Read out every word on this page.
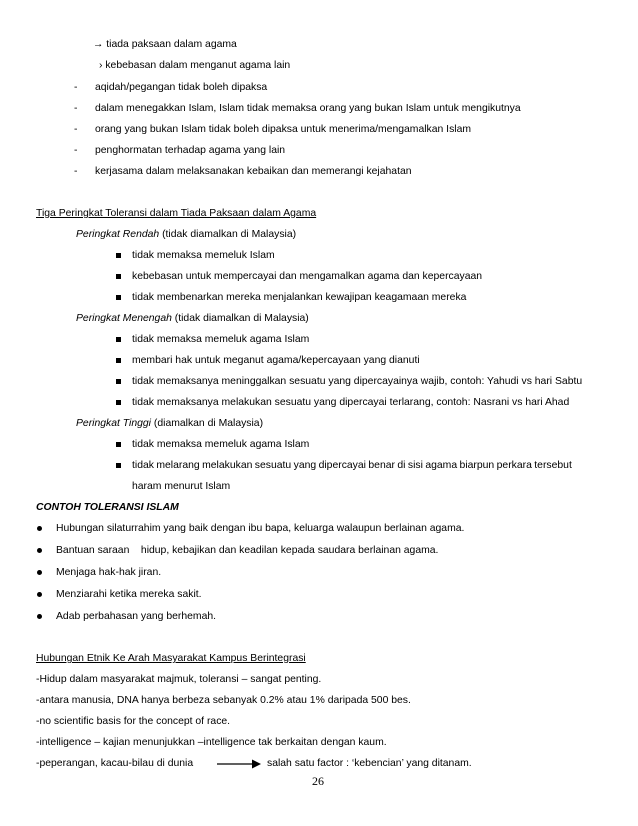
→ tiada paksaan dalam agama
› kebebasan dalam menganut agama lain
- aqidah/pegangan tidak boleh dipaksa
- dalam menegakkan Islam, Islam tidak memaksa orang yang bukan Islam untuk mengikutnya
- orang yang bukan Islam tidak boleh dipaksa untuk menerima/mengamalkan Islam
- penghormatan terhadap agama yang lain
- kerjasama dalam melaksanakan kebaikan dan memerangi kejahatan
Tiga Peringkat Toleransi dalam Tiada Paksaan dalam Agama
Peringkat Rendah (tidak diamalkan di Malaysia)
tidak memaksa memeluk Islam
kebebasan untuk mempercayai dan mengamalkan agama dan kepercayaan
tidak membenarkan mereka menjalankan kewajipan keagamaan mereka
Peringkat Menengah (tidak diamalkan di Malaysia)
tidak memaksa memeluk agama Islam
membari hak untuk meganut agama/kepercayaan yang dianuti
tidak memaksanya meninggalkan sesuatu yang dipercayainya wajib, contoh: Yahudi vs hari Sabtu
tidak memaksanya melakukan sesuatu yang dipercayai terlarang, contoh: Nasrani vs hari Ahad
Peringkat Tinggi (diamalkan di Malaysia)
tidak memaksa memeluk agama Islam
tidak melarang melakukan sesuatu yang dipercayai benar di sisi agama biarpun perkara tersebut
haram menurut Islam
CONTOH TOLERANSI ISLAM
Hubungan silaturrahim yang baik dengan ibu bapa, keluarga walaupun berlainan agama.
Bantuan saraan    hidup, kebajikan dan keadilan kepada saudara berlainan agama.
Menjaga hak-hak jiran.
Menziarahi ketika mereka sakit.
Adab perbahasan yang berhemah.
Hubungan Etnik Ke Arah Masyarakat Kampus Berintegrasi
-Hidup dalam masyarakat majmuk, toleransi – sangat penting.
-antara manusia, DNA hanya berbeza sebanyak 0.2% atau 1% daripada 500 bes.
-no scientific basis for the concept of race.
-intelligence – kajian menunjukkan –intelligence tak berkaitan dengan kaum.
-peperangan, kacau-bilau di dunia	salah satu factor : ‘kebencian’ yang ditanam.
26
